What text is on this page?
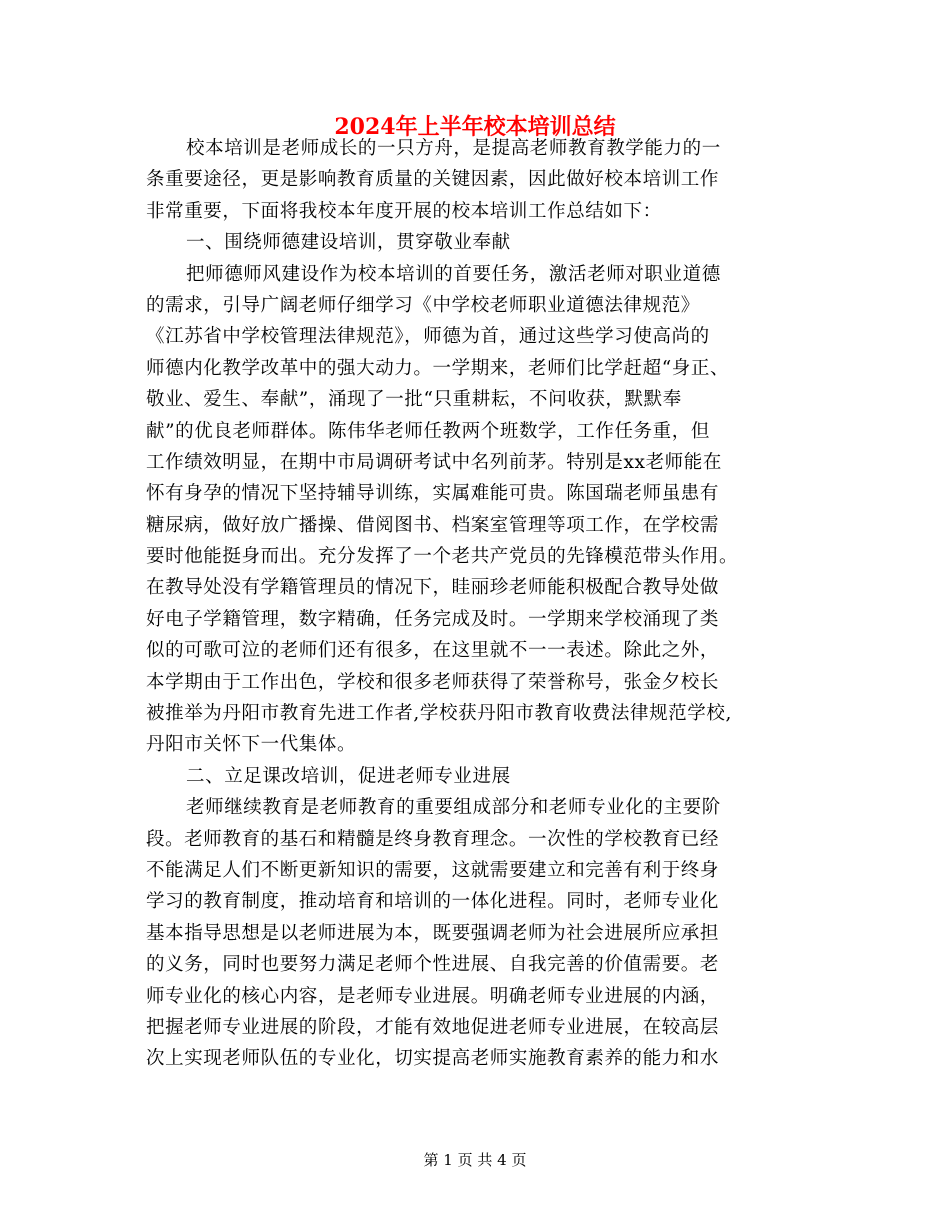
2024年上半年校本培训总结
校本培训是老师成长的一只方舟，是提高老师教育教学能力的一
条重要途径，更是影响教育质量的关键因素，因此做好校本培训工作
非常重要，下面将我校本年度开展的校本培训工作总结如下：
一、围绕师德建设培训，贯穿敬业奉献
把师德师风建设作为校本培训的首要任务，激活老师对职业道德
的需求，引导广阔老师仔细学习《中学校老师职业道德法律规范》
《江苏省中学校管理法律规范》，师德为首，通过这些学习使高尚的
师德内化教学改革中的强大动力。一学期来，老师们比学赶超“身正、
敬业、爱生、奉献”，涌现了一批“只重耕耘，不问收获，默默奉
献”的优良老师群体。陈伟华老师任教两个班数学，工作任务重，但
工作绩效明显，在期中市局调研考试中名列前茅。特别是xx老师能在
怀有身孕的情况下坚持辅导训练，实属难能可贵。陈国瑞老师虽患有
糖尿病，做好放广播操、借阅图书、档案室管理等项工作，在学校需
要时他能挺身而出。充分发挥了一个老共产党员的先锋模范带头作用。
在教导处没有学籍管理员的情况下，眭丽珍老师能积极配合教导处做
好电子学籍管理，数字精确，任务完成及时。一学期来学校涌现了类
似的可歌可泣的老师们还有很多，在这里就不一一表述。除此之外，
本学期由于工作出色，学校和很多老师获得了荣誉称号，张金夕校长
被推举为丹阳市教育先进工作者,学校获丹阳市教育收费法律规范学校,
丹阳市关怀下一代集体。
二、立足课改培训，促进老师专业进展
老师继续教育是老师教育的重要组成部分和老师专业化的主要阶
段。老师教育的基石和精髓是终身教育理念。一次性的学校教育已经
不能满足人们不断更新知识的需要，这就需要建立和完善有利于终身
学习的教育制度，推动培育和培训的一体化进程。同时，老师专业化
基本指导思想是以老师进展为本，既要强调老师为社会进展所应承担
的义务，同时也要努力满足老师个性进展、自我完善的价值需要。老
师专业化的核心内容，是老师专业进展。明确老师专业进展的内涵，
把握老师专业进展的阶段，才能有效地促进老师专业进展，在较高层
次上实现老师队伍的专业化，切实提高老师实施教育素养的能力和水
第 1 页 共 4 页
